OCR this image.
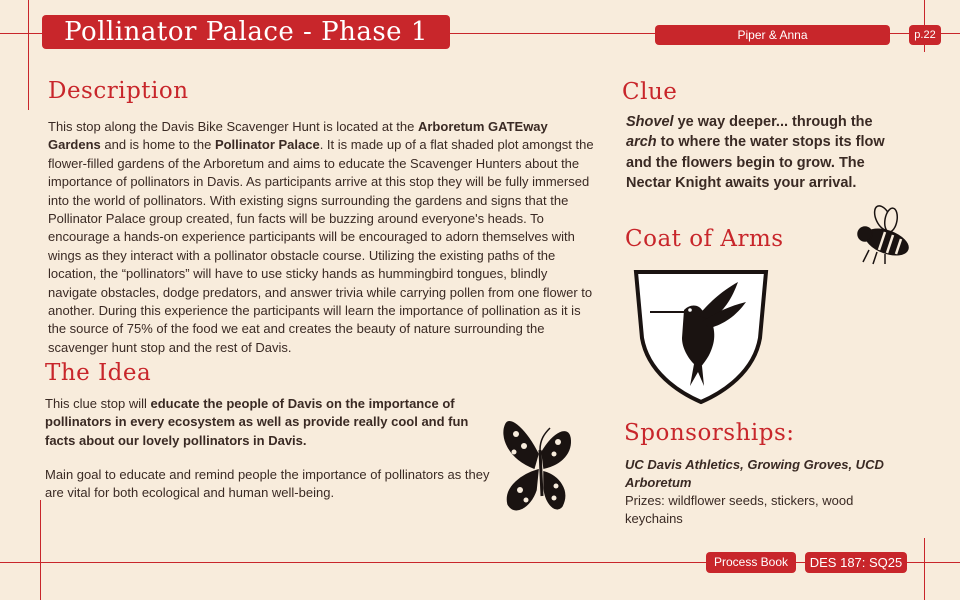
Pollinator Palace - Phase 1	Piper & Anna	p.22
Description

This stop along the Davis Bike Scavenger Hunt is located at the Arboretum GATEway Gardens and is home to the Pollinator Palace. It is made up of a flat shaded plot amongst the flower-filled gardens of the Arboretum and aims to educate the Scavenger Hunters about the importance of pollinators in Davis. As participants arrive at this stop they will be fully immersed into the world of pollinators. With existing signs surrounding the gardens and signs that the Pollinator Palace group created, fun facts will be buzzing around everyone's heads. To encourage a hands-on experience participants will be encouraged to adorn themselves with wings as they interact with a pollinator obstacle course. Utilizing the existing paths of the location, the “pollinators” will have to use sticky hands as hummingbird tongues, blindly navigate obstacles, dodge predators, and answer trivia while carrying pollen from one flower to another. During this experience the participants will learn the importance of pollination as it is the source of 75% of the food we eat and creates the beauty of nature surrounding the scavenger hunt stop and the rest of Davis.

The Idea

This clue stop will educate the people of Davis on the importance of pollinators in every ecosystem as well as provide really cool and fun facts about our lovely pollinators in Davis.

Main goal to educate and remind people the importance of pollinators as they are vital for both ecological and human well-being.

Clue

Shovel ye way deeper... through the arch to where the water stops its flow and the flowers begin to grow. The Nectar Knight awaits your arrival.

Coat of Arms
Sponsorships:
UC Davis Athletics, Growing Groves, UCD Arboretum
Prizes: wildflower seeds, stickers, wood keychains
Process Book	DES 187: SQ25
